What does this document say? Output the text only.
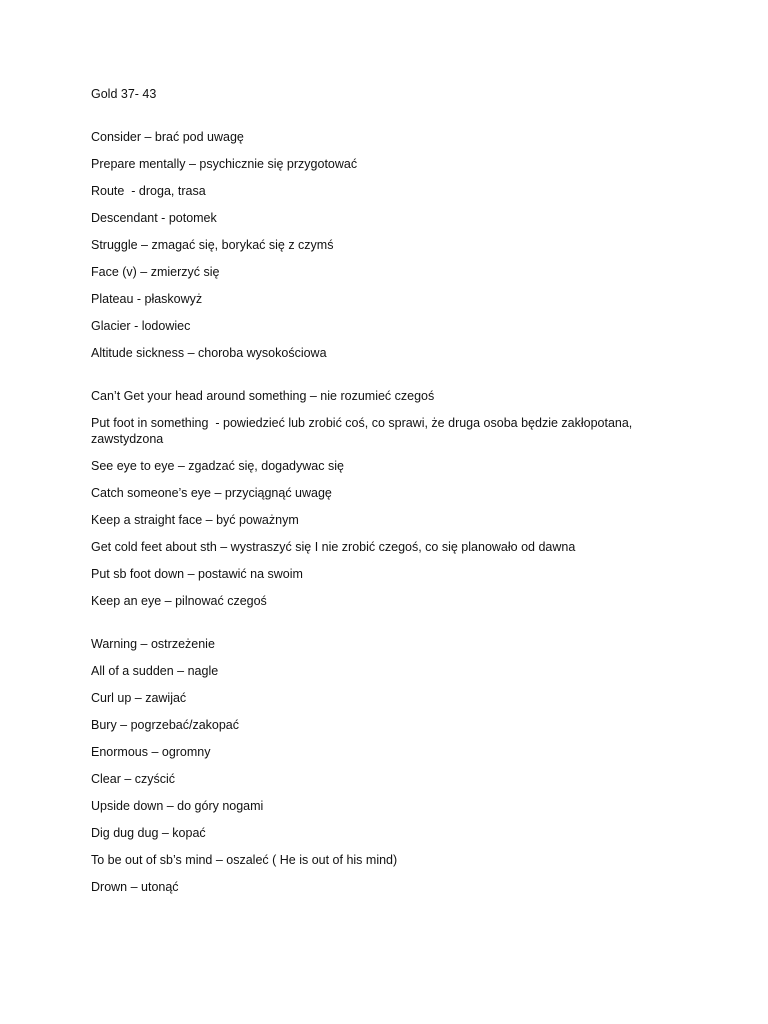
Gold 37- 43

Consider – brać pod uwagę

Prepare mentally – psychicznie się przygotować

Route  - droga, trasa

Descendant - potomek

Struggle – zmagać się, borykać się z czymś

Face (v) – zmierzyć się

Plateau - płaskowyż

Glacier - lodowiec

Altitude sickness – choroba wysokościowa

Can’t Get your head around something – nie rozumieć czegoś

Put foot in something  - powiedzieć lub zrobić coś, co sprawi, że druga osoba będzie zakłopotana, zawstydzona

See eye to eye – zgadzać się, dogadywac się

Catch someone’s eye – przyciągnąć uwagę

Keep a straight face – być poważnym

Get cold feet about sth – wystraszyć się I nie zrobić czegoś, co się planowało od dawna

Put sb foot down – postawić na swoim

Keep an eye – pilnować czegoś

Warning – ostrzeżenie

All of a sudden – nagle

Curl up – zawijać

Bury – pogrzebać/zakopać

Enormous – ogromny

Clear – czyścić

Upside down – do góry nogami

Dig dug dug – kopać

To be out of sb’s mind – oszaleć ( He is out of his mind)

Drown – utonąć
